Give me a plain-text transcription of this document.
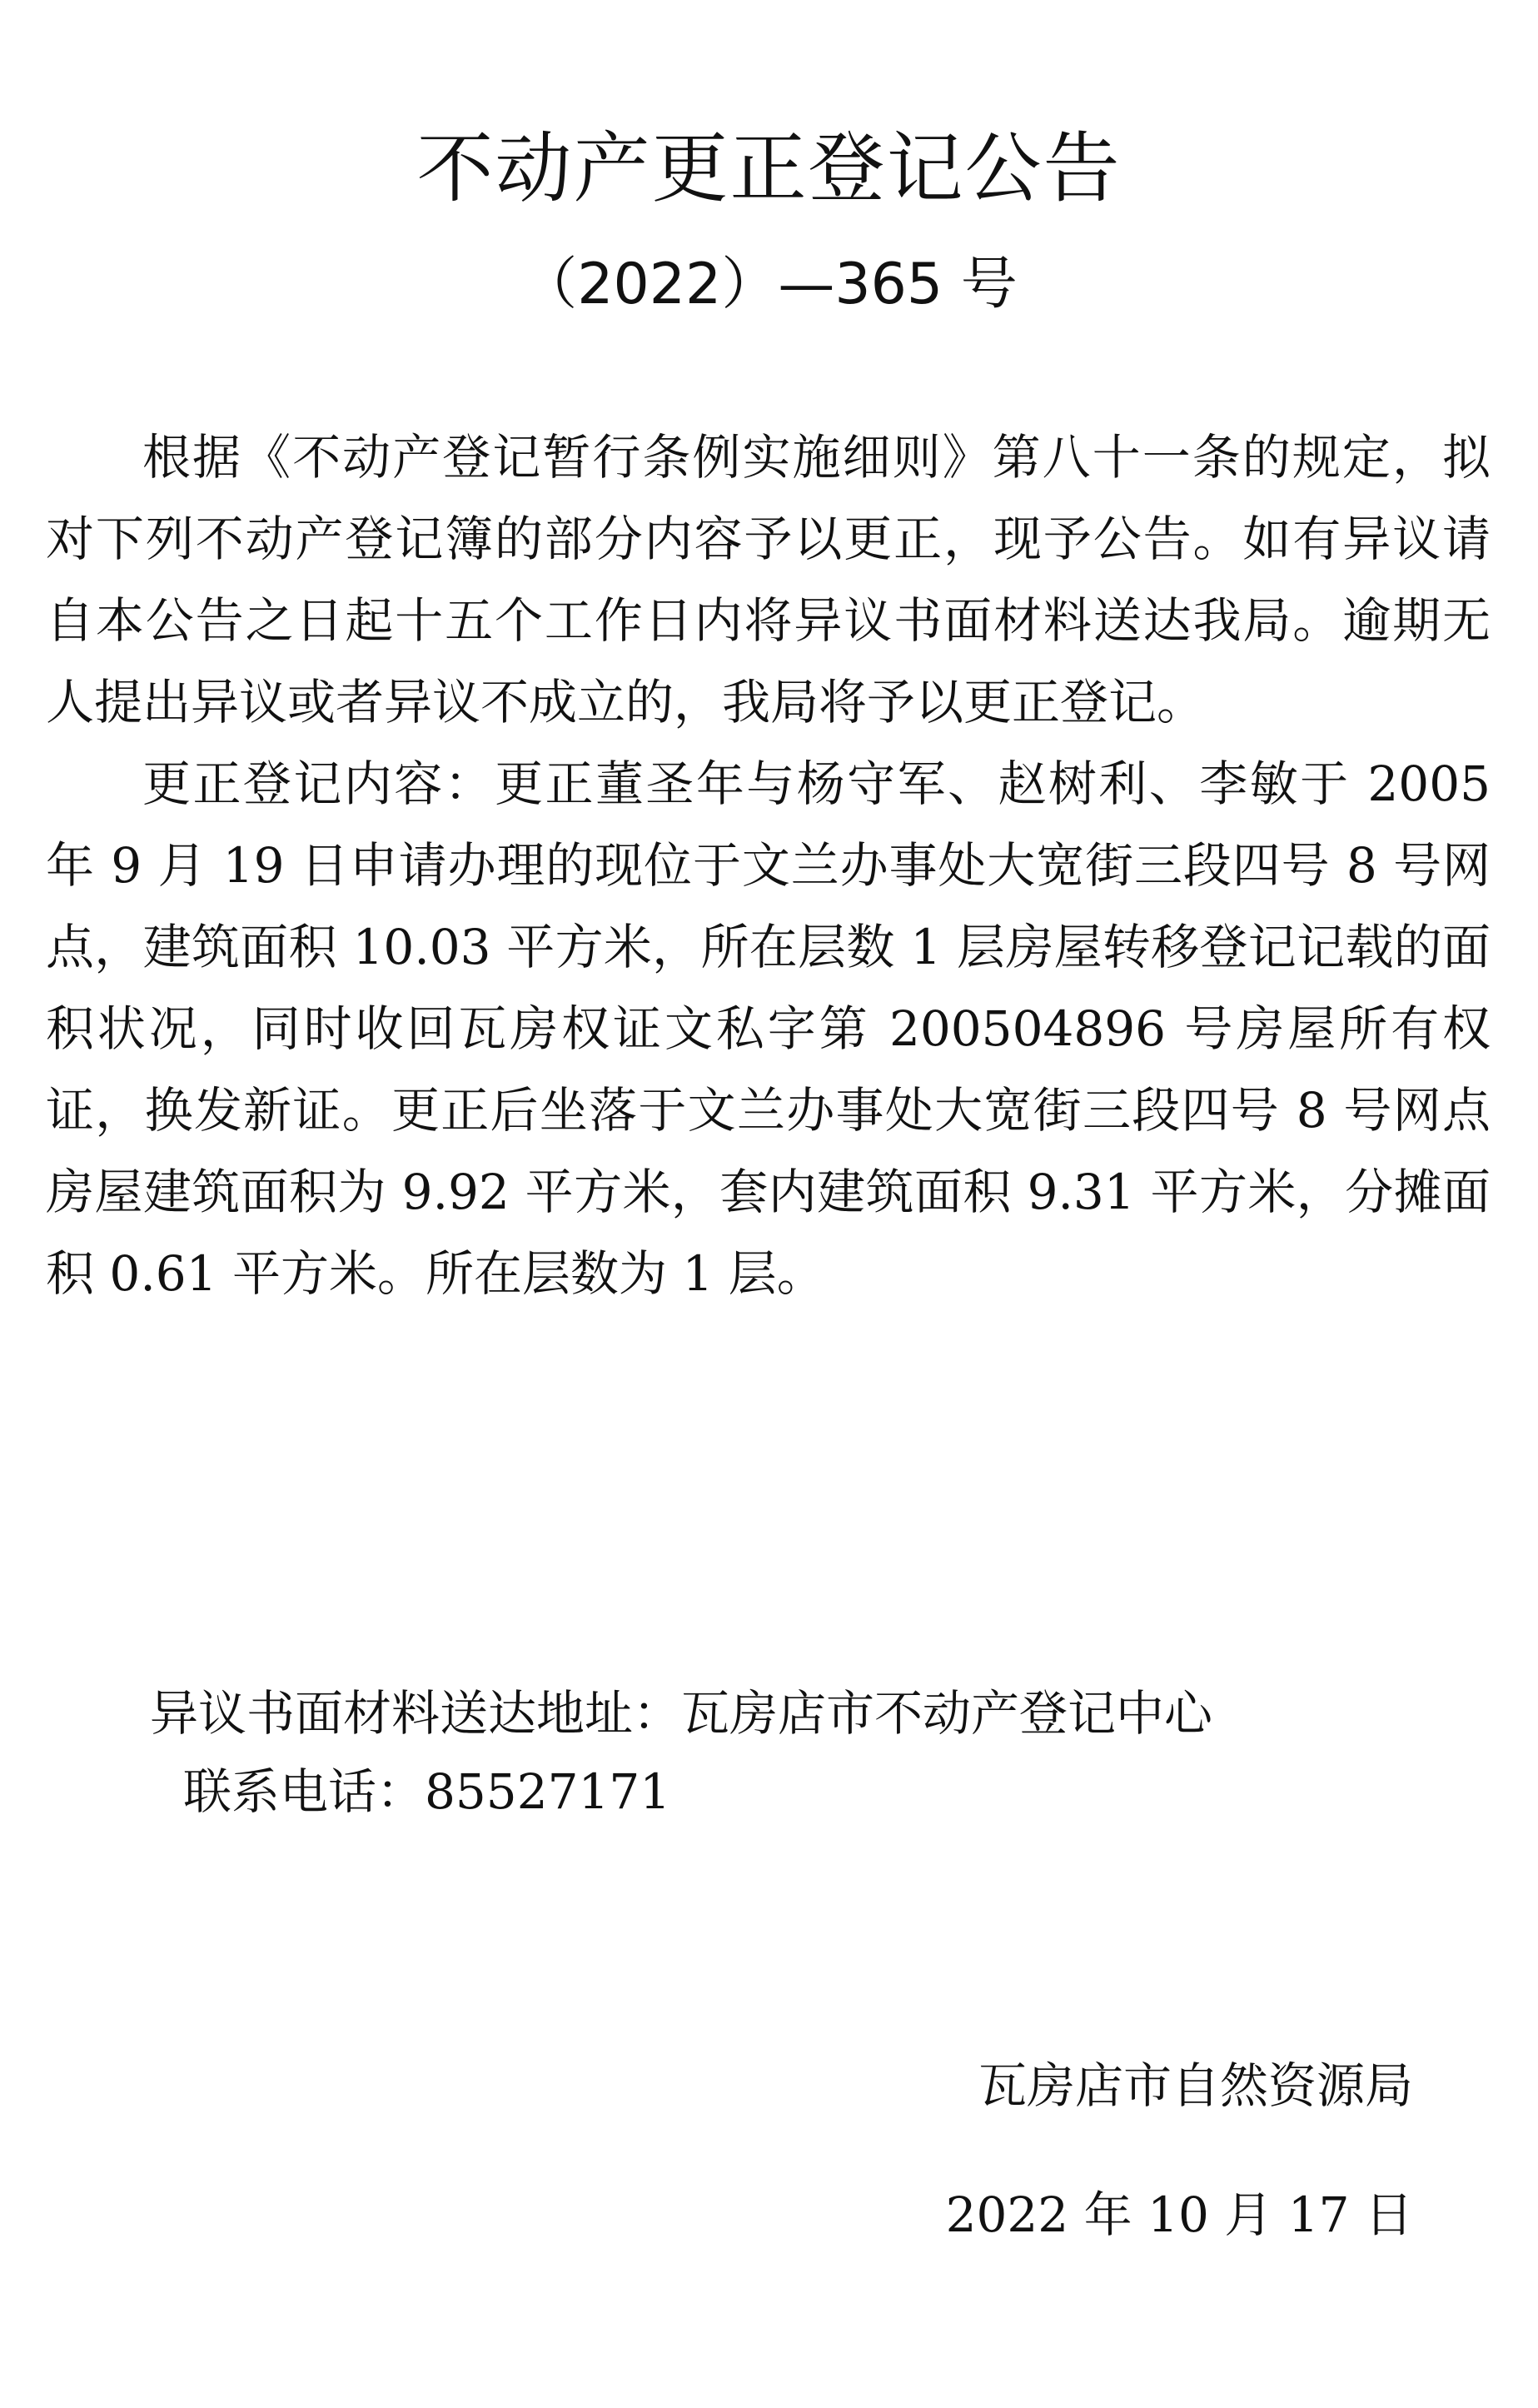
不动产更正登记公告
（2022）—365 号

根据《不动产登记暂行条例实施细则》第八十一条的规定，拟对下列不动产登记簿的部分内容予以更正，现予公告。如有异议请自本公告之日起十五个工作日内将异议书面材料送达我局。逾期无人提出异议或者异议不成立的，我局将予以更正登记。

更正登记内容：更正董圣年与杨守军、赵树利、李敏于 2005 年 9 月 19 日申请办理的现位于文兰办事处大宽街三段四号 8 号网点，建筑面积 10.03 平方米，所在层数 1 层房屋转移登记记载的面积状况，同时收回瓦房权证文私字第 200504896 号房屋所有权证，换发新证。更正后坐落于文兰办事处大宽街三段四号 8 号网点房屋建筑面积为 9.92 平方米，套内建筑面积 9.31 平方米，分摊面积 0.61 平方米。所在层数为 1 层。

异议书面材料送达地址：瓦房店市不动产登记中心
联系电话：85527171
瓦房店市自然资源局
2022 年 10 月 17 日
